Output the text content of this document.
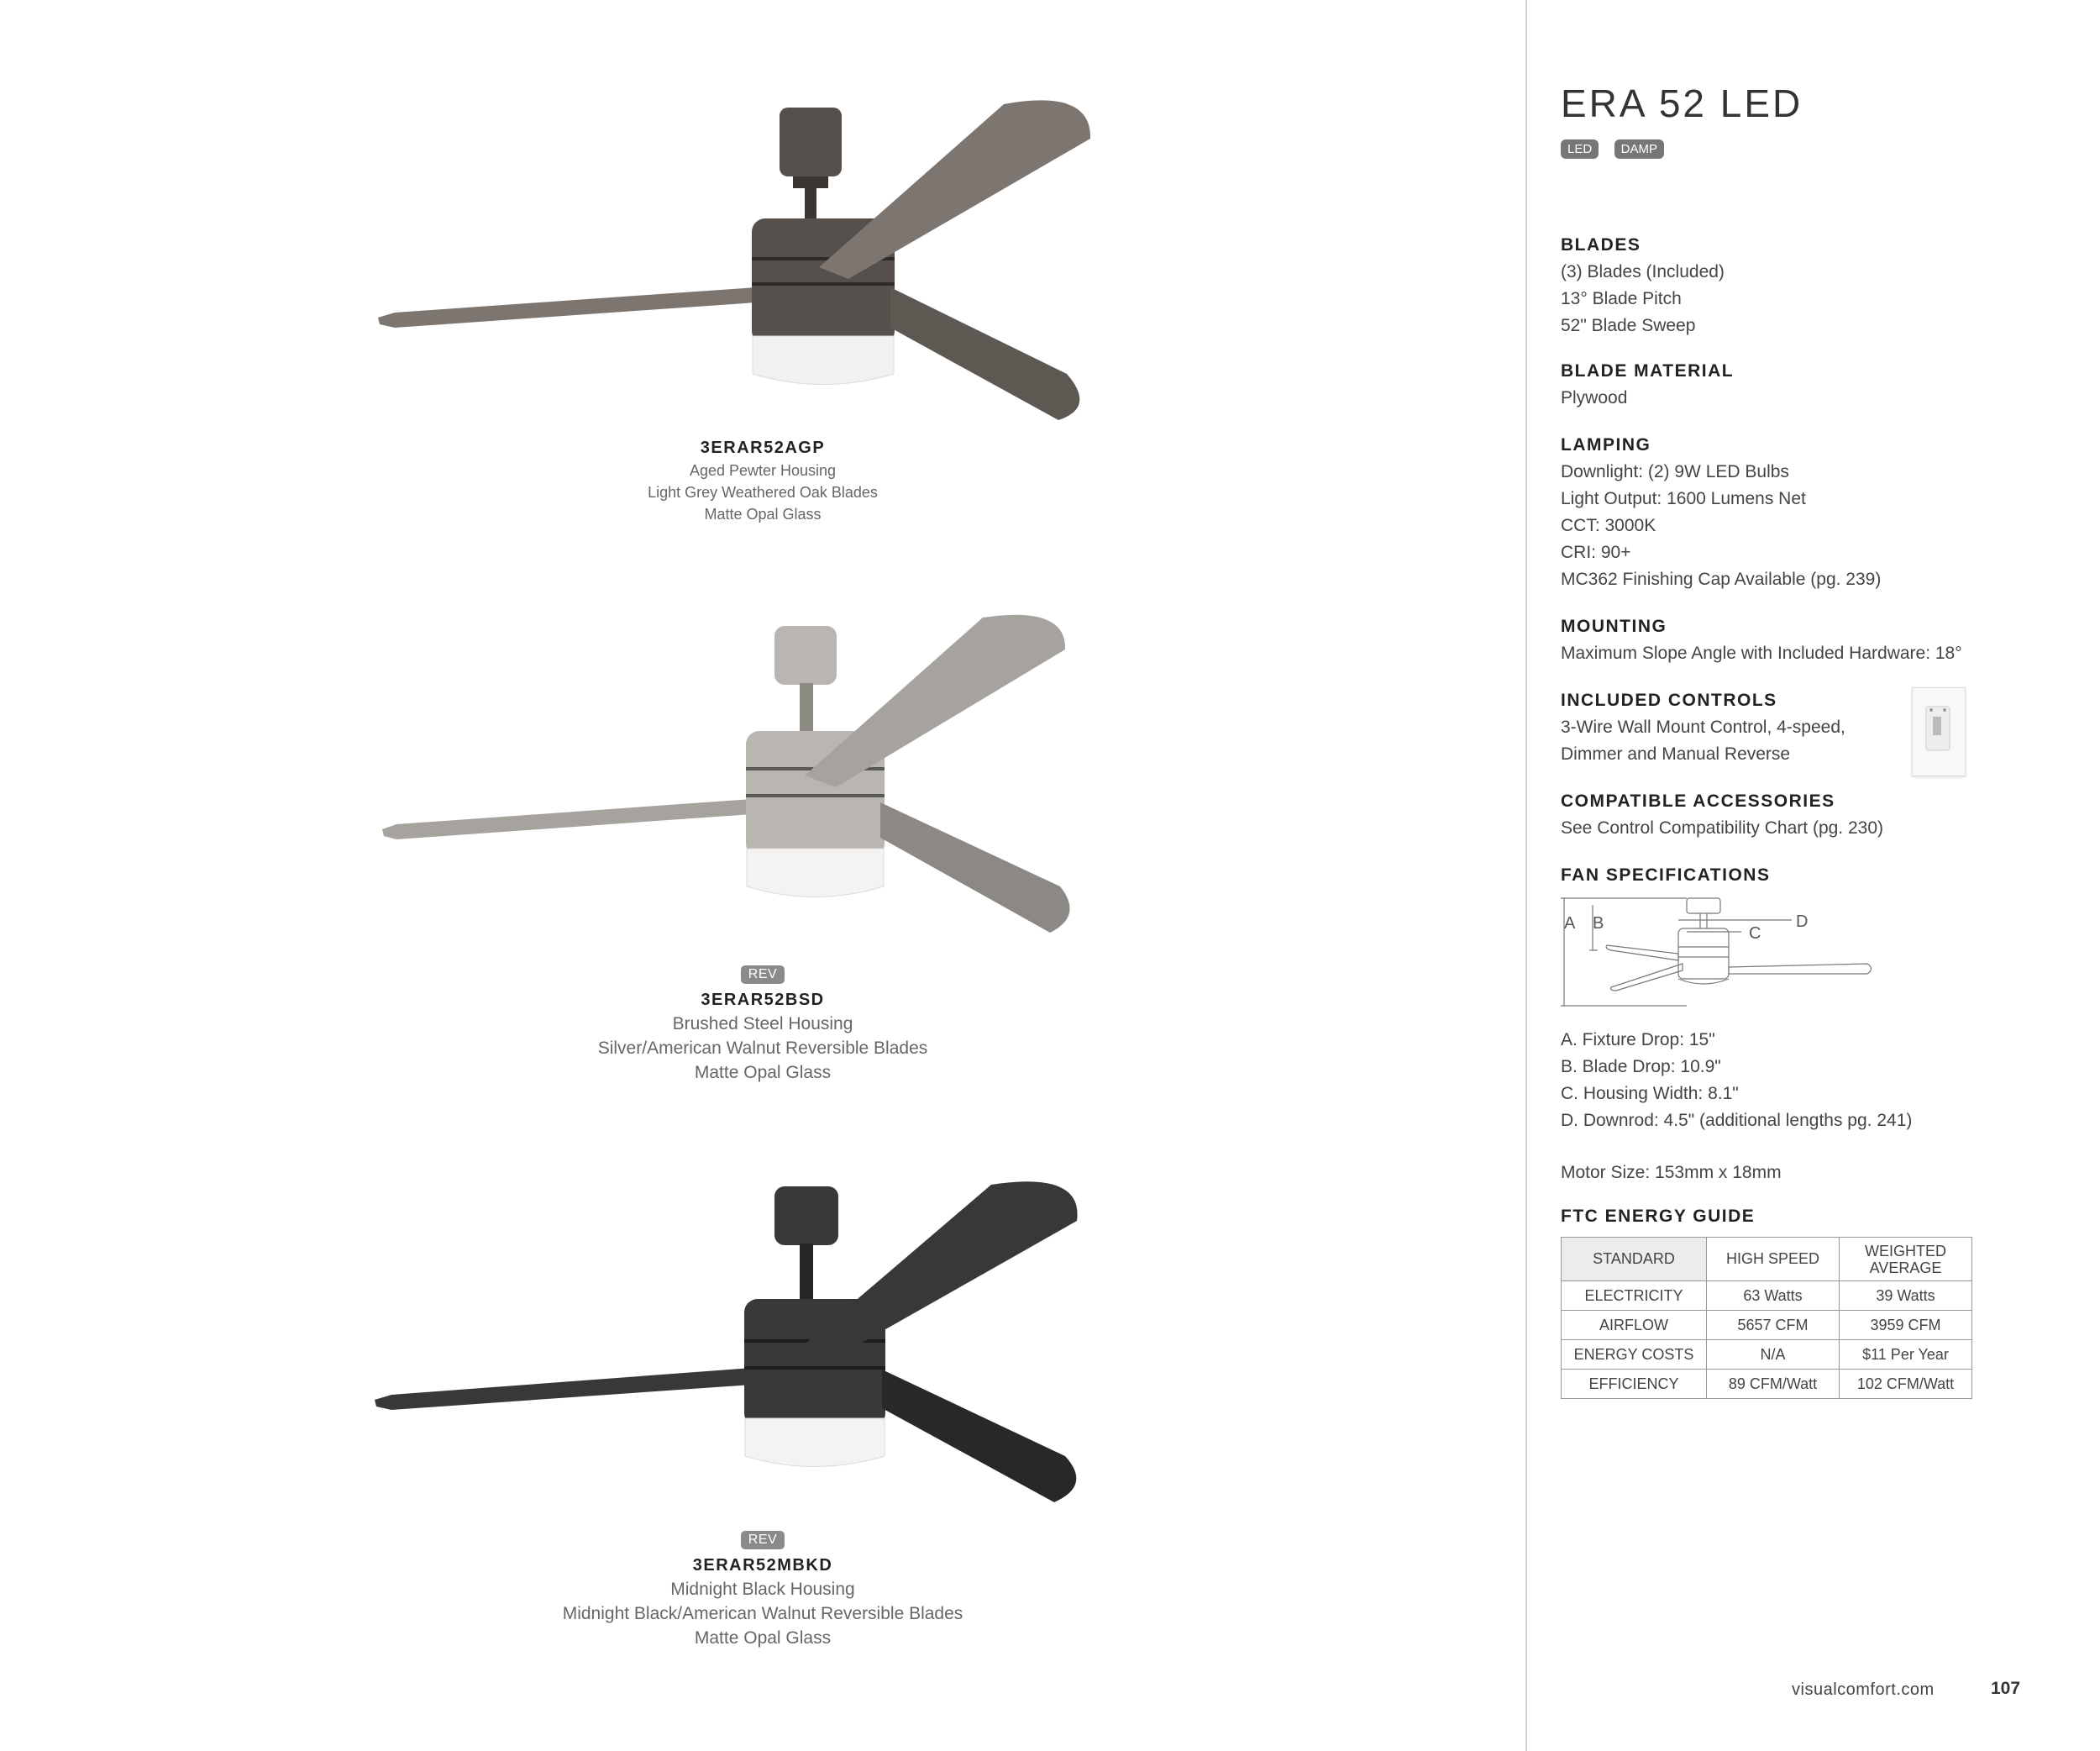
3ERAR52AGP

Aged Pewter Housing

Light Grey Weathered Oak Blades

Matte Opal Glass

REV

3ERAR52BSD

Brushed Steel Housing

Silver/American Walnut Reversible Blades

Matte Opal Glass

REV

3ERAR52MBKD

Midnight Black Housing

Midnight Black/American Walnut Reversible Blades

Matte Opal Glass

ERA 52 LED
LED DAMP
BLADES

(3) Blades (Included)

13° Blade Pitch

52" Blade Sweep

BLADE MATERIAL

Plywood

LAMPING

Downlight: (2) 9W LED Bulbs

Light Output: 1600 Lumens Net

CCT: 3000K

CRI: 90+

MC362 Finishing Cap Available (pg. 239)

MOUNTING

Maximum Slope Angle with Included Hardware: 18°

INCLUDED CONTROLS

3-Wire Wall Mount Control, 4-speed,

Dimmer and Manual Reverse

COMPATIBLE ACCESSORIES

See Control Compatibility Chart (pg. 230)

FAN SPECIFICATIONS
A B
C
D

A. Fixture Drop: 15"

B. Blade Drop: 10.9"

C. Housing Width: 8.1"

D. Downrod: 4.5" (additional lengths pg. 241)

Motor Size: 153mm x 18mm

FTC ENERGY GUIDE
STANDARD	HIGH SPEED	WEIGHTED
AVERAGE
ELECTRICITY	63 Watts	39 Watts
AIRFLOW	5657 CFM	3959 CFM
ENERGY COSTS	N/A	$11 Per Year
EFFICIENCY	89 CFM/Watt	102 CFM/Watt
visualcomfort.com	107
